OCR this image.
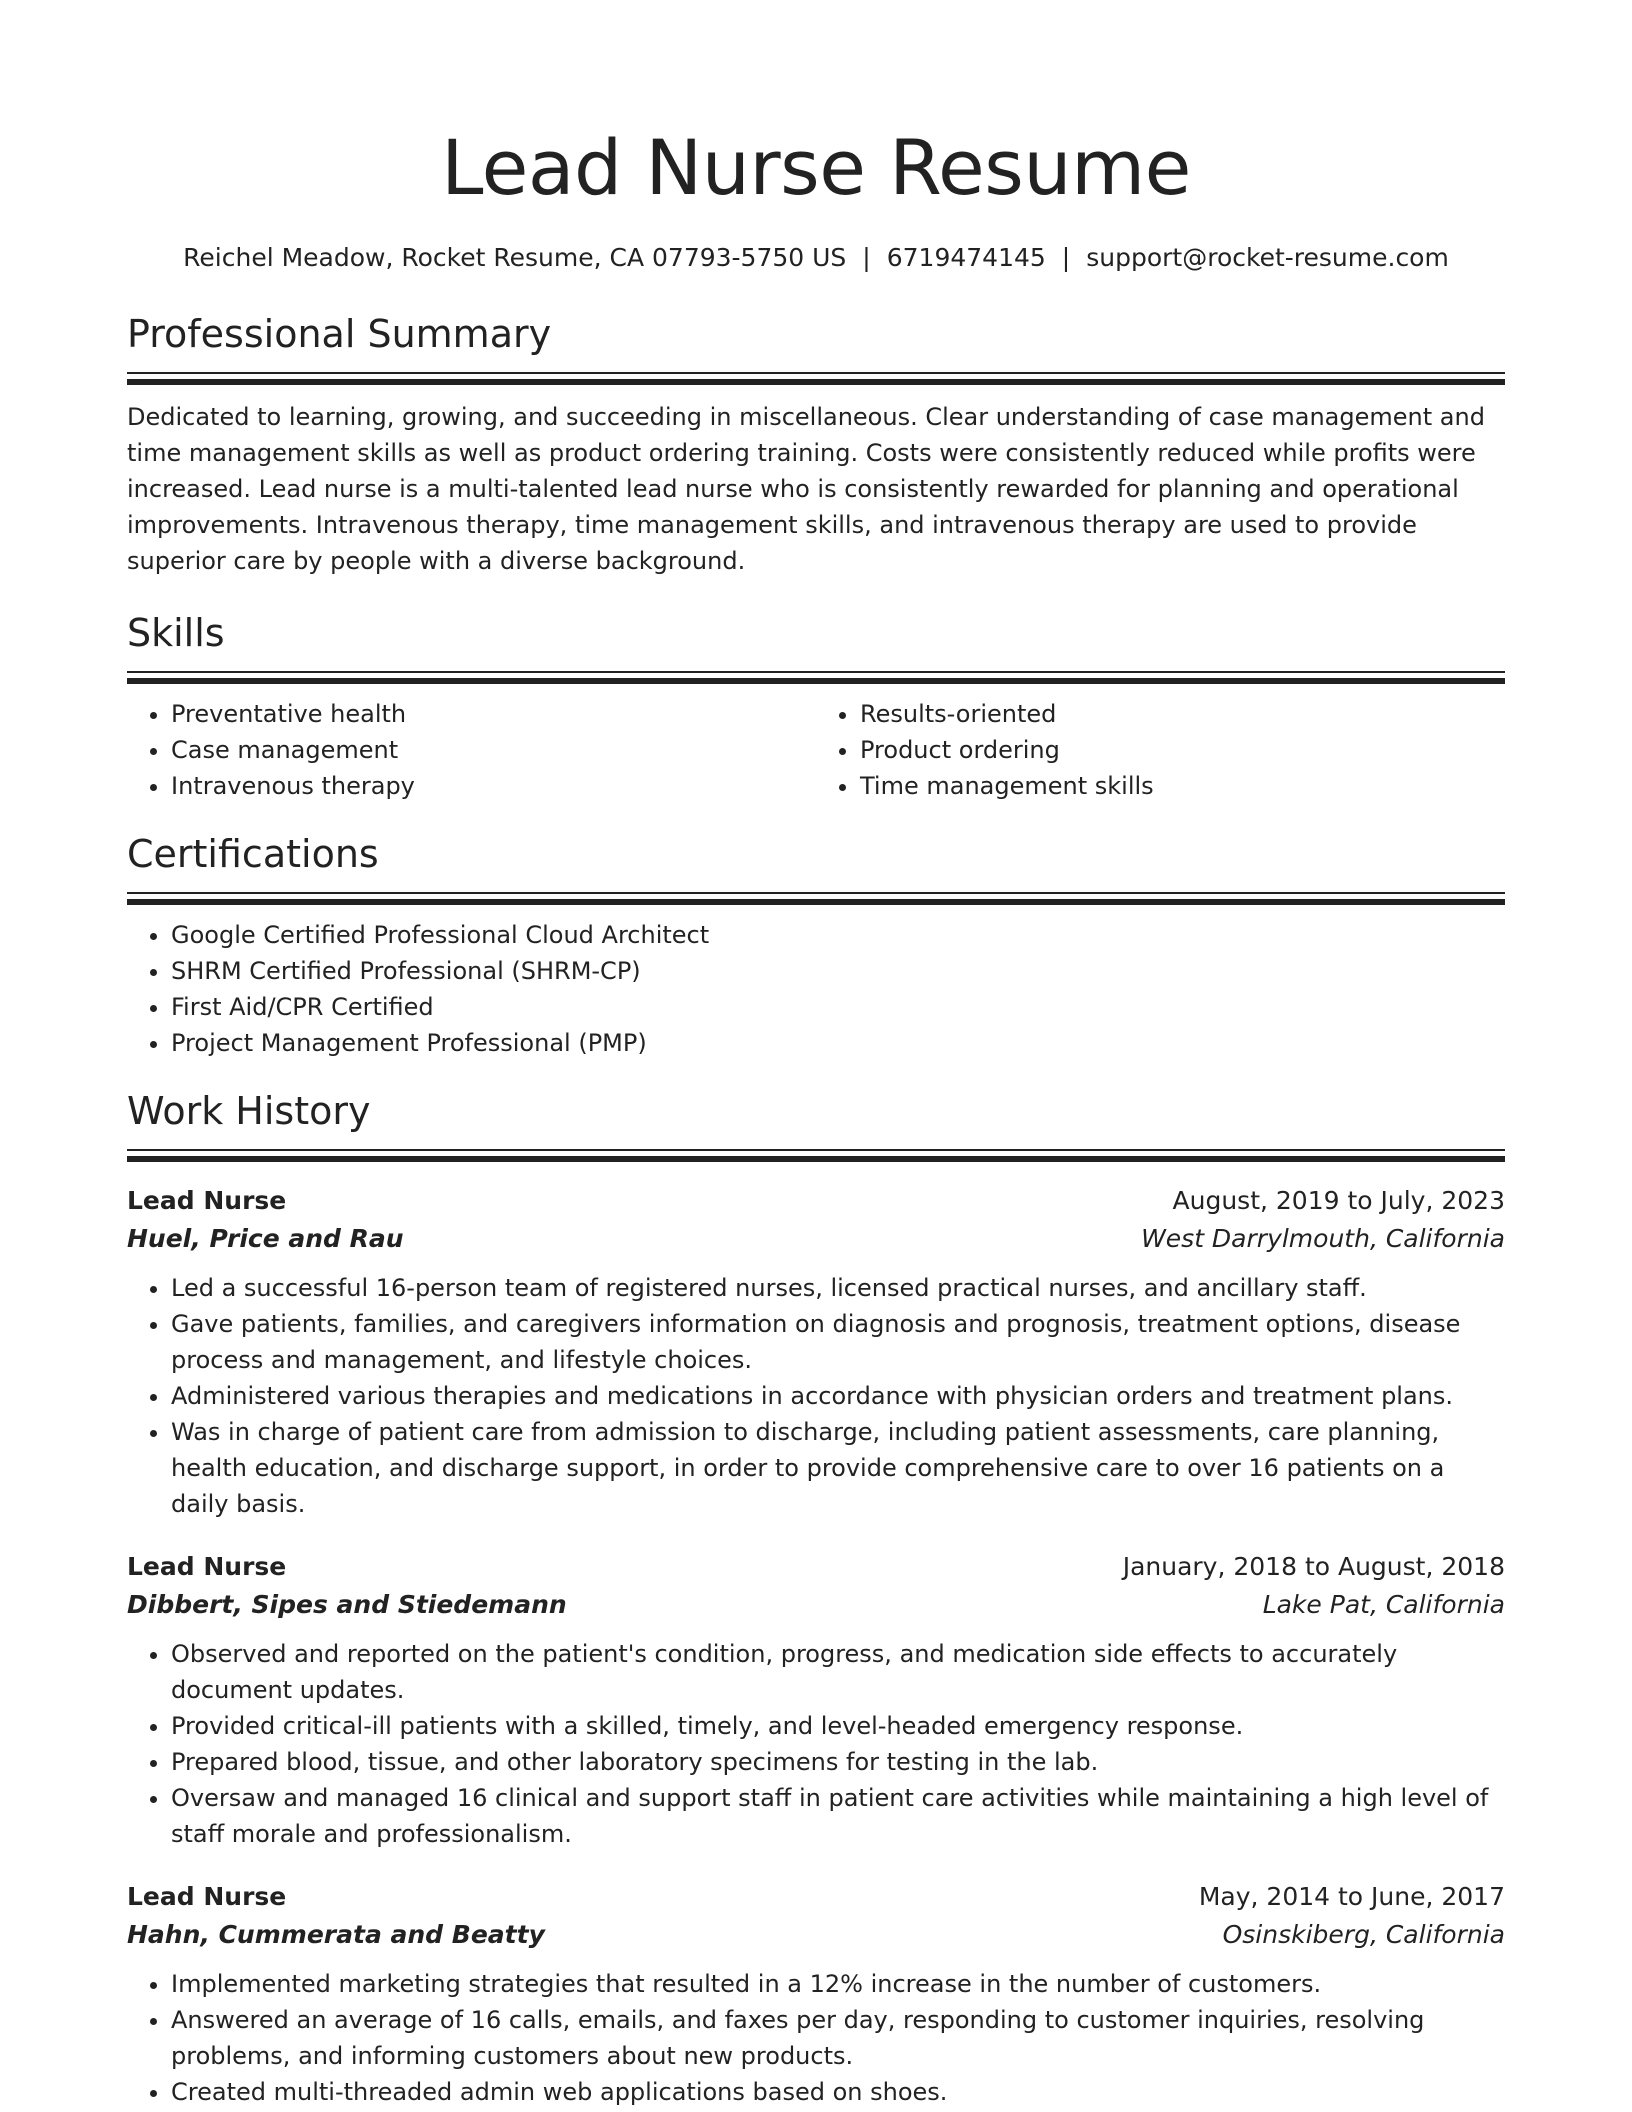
Lead Nurse Resume
Reichel Meadow, Rocket Resume, CA 07793-5750 US | 6719474145 | support@rocket-resume.com
Professional Summary
Dedicated to learning, growing, and succeeding in miscellaneous. Clear understanding of case management and time management skills as well as product ordering training. Costs were consistently reduced while profits were increased. Lead nurse is a multi-talented lead nurse who is consistently rewarded for planning and operational improvements. Intravenous therapy, time management skills, and intravenous therapy are used to provide superior care by people with a diverse background.
Skills
• Preventative health
• Case management
• Intravenous therapy
• Results-oriented
• Product ordering
• Time management skills
Certifications
• Google Certified Professional Cloud Architect
• SHRM Certified Professional (SHRM-CP)
• First Aid/CPR Certified
• Project Management Professional (PMP)
Work History
Lead Nurse	August, 2019 to July, 2023
Huel, Price and Rau	West Darrylmouth, California
• Led a successful 16-person team of registered nurses, licensed practical nurses, and ancillary staff.
• Gave patients, families, and caregivers information on diagnosis and prognosis, treatment options, disease process and management, and lifestyle choices.
• Administered various therapies and medications in accordance with physician orders and treatment plans.
• Was in charge of patient care from admission to discharge, including patient assessments, care planning, health education, and discharge support, in order to provide comprehensive care to over 16 patients on a daily basis.
Lead Nurse	January, 2018 to August, 2018
Dibbert, Sipes and Stiedemann	Lake Pat, California
• Observed and reported on the patient's condition, progress, and medication side effects to accurately document updates.
• Provided critical-ill patients with a skilled, timely, and level-headed emergency response.
• Prepared blood, tissue, and other laboratory specimens for testing in the lab.
• Oversaw and managed 16 clinical and support staff in patient care activities while maintaining a high level of staff morale and professionalism.
Lead Nurse	May, 2014 to June, 2017
Hahn, Cummerata and Beatty	Osinskiberg, California
• Implemented marketing strategies that resulted in a 12% increase in the number of customers.
• Answered an average of 16 calls, emails, and faxes per day, responding to customer inquiries, resolving problems, and informing customers about new products.
• Created multi-threaded admin web applications based on shoes.
